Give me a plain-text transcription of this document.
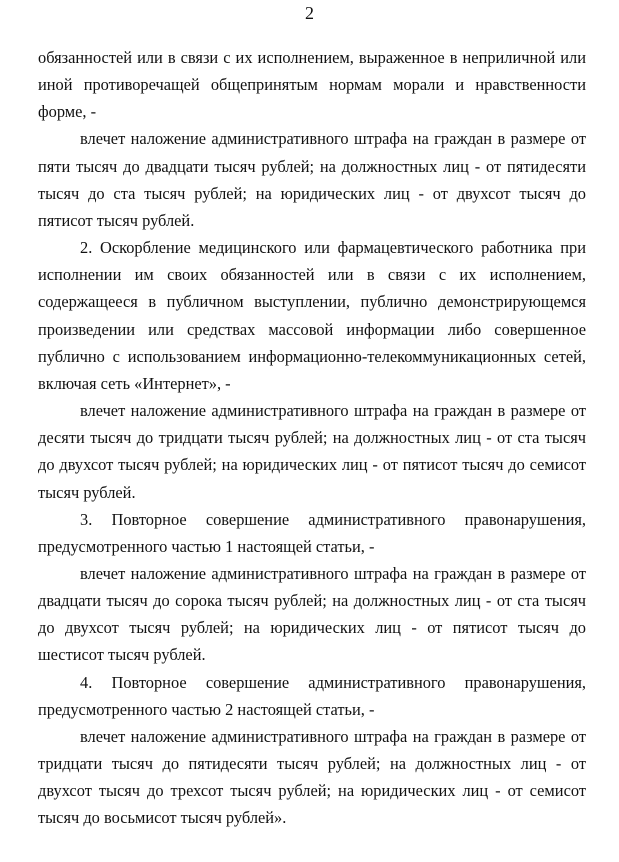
2

обязанностей или в связи с их исполнением, выраженное в неприличной или иной противоречащей общепринятым нормам морали и нравственности форме, -

влечет наложение административного штрафа на граждан в размере от пяти тысяч до двадцати тысяч рублей; на должностных лиц - от пятидесяти тысяч до ста тысяч рублей; на юридических лиц - от двухсот тысяч до пятисот тысяч рублей.

2. Оскорбление медицинского или фармацевтического работника при исполнении им своих обязанностей или в связи с их исполнением, содержащееся в публичном выступлении, публично демонстрирующемся произведении или средствах массовой информации либо совершенное публично с использованием информационно-телекоммуникационных сетей, включая сеть «Интернет», -

влечет наложение административного штрафа на граждан в размере от десяти тысяч до тридцати тысяч рублей; на должностных лиц - от ста тысяч до двухсот тысяч рублей; на юридических лиц - от пятисот тысяч до семисот тысяч рублей.

3. Повторное совершение административного правонарушения, предусмотренного частью 1 настоящей статьи, -

влечет наложение административного штрафа на граждан в размере от двадцати тысяч до сорока тысяч рублей; на должностных лиц - от ста тысяч до двухсот тысяч рублей; на юридических лиц - от пятисот тысяч до шестисот тысяч рублей.

4. Повторное совершение административного правонарушения, предусмотренного частью 2 настоящей статьи, -

влечет наложение административного штрафа на граждан в размере от тридцати тысяч до пятидесяти тысяч рублей; на должностных лиц - от двухсот тысяч до трехсот тысяч рублей; на юридических лиц - от семисот тысяч до восьмисот тысяч рублей».
